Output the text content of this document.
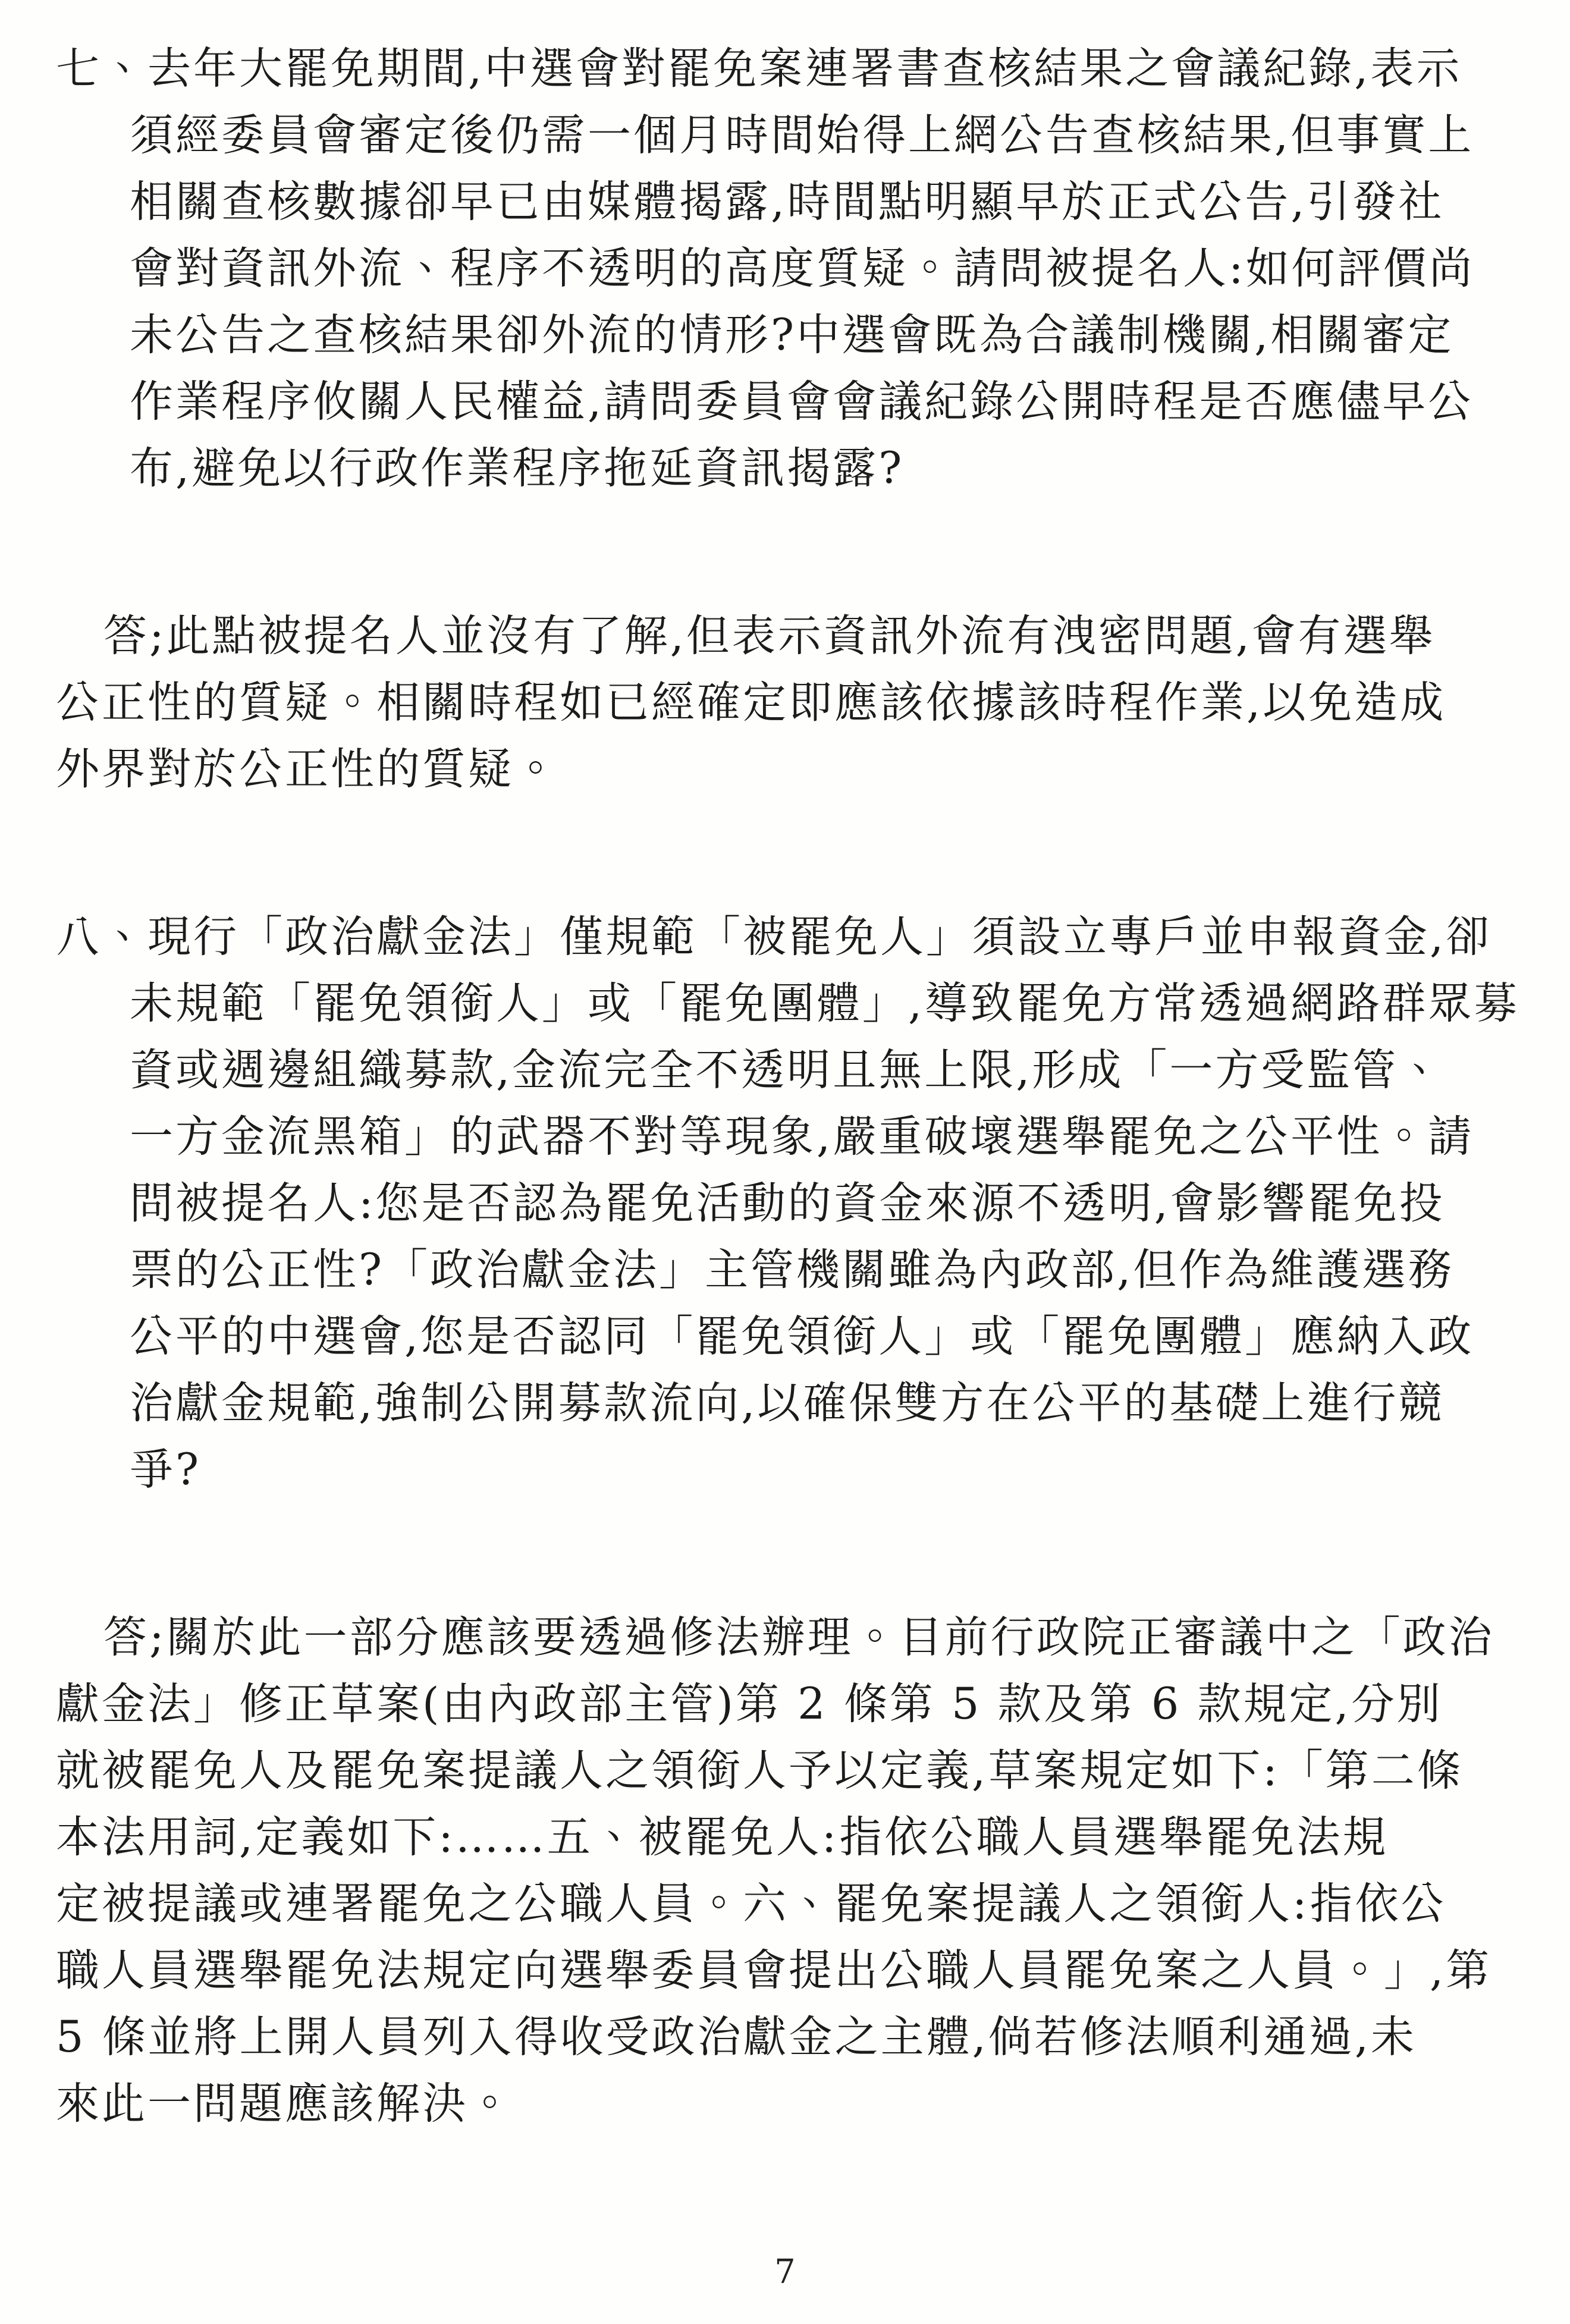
七、去年大罷免期間,中選會對罷免案連署書查核結果之會議紀錄,表示
須經委員會審定後仍需一個月時間始得上網公告查核結果,但事實上
相關查核數據卻早已由媒體揭露,時間點明顯早於正式公告,引發社
會對資訊外流、程序不透明的高度質疑。請問被提名人:如何評價尚
未公告之查核結果卻外流的情形?中選會既為合議制機關,相關審定
作業程序攸關人民權益,請問委員會會議紀錄公開時程是否應儘早公
布,避免以行政作業程序拖延資訊揭露?
答;此點被提名人並沒有了解,但表示資訊外流有洩密問題,會有選舉
公正性的質疑。相關時程如已經確定即應該依據該時程作業,以免造成
外界對於公正性的質疑。
八、現行「政治獻金法」僅規範「被罷免人」須設立專戶並申報資金,卻
未規範「罷免領銜人」或「罷免團體」,導致罷免方常透過網路群眾募
資或週邊組織募款,金流完全不透明且無上限,形成「一方受監管、
一方金流黑箱」的武器不對等現象,嚴重破壞選舉罷免之公平性。請
問被提名人:您是否認為罷免活動的資金來源不透明,會影響罷免投
票的公正性?「政治獻金法」主管機關雖為內政部,但作為維護選務
公平的中選會,您是否認同「罷免領銜人」或「罷免團體」應納入政
治獻金規範,強制公開募款流向,以確保雙方在公平的基礎上進行競
爭?
答;關於此一部分應該要透過修法辦理。目前行政院正審議中之「政治
獻金法」修正草案(由內政部主管)第 2 條第 5 款及第 6 款規定,分別
就被罷免人及罷免案提議人之領銜人予以定義,草案規定如下:「第二條
本法用詞,定義如下:……五、被罷免人:指依公職人員選舉罷免法規
定被提議或連署罷免之公職人員。六、罷免案提議人之領銜人:指依公
職人員選舉罷免法規定向選舉委員會提出公職人員罷免案之人員。」,第
5 條並將上開人員列入得收受政治獻金之主體,倘若修法順利通過,未
來此一問題應該解決。
7
